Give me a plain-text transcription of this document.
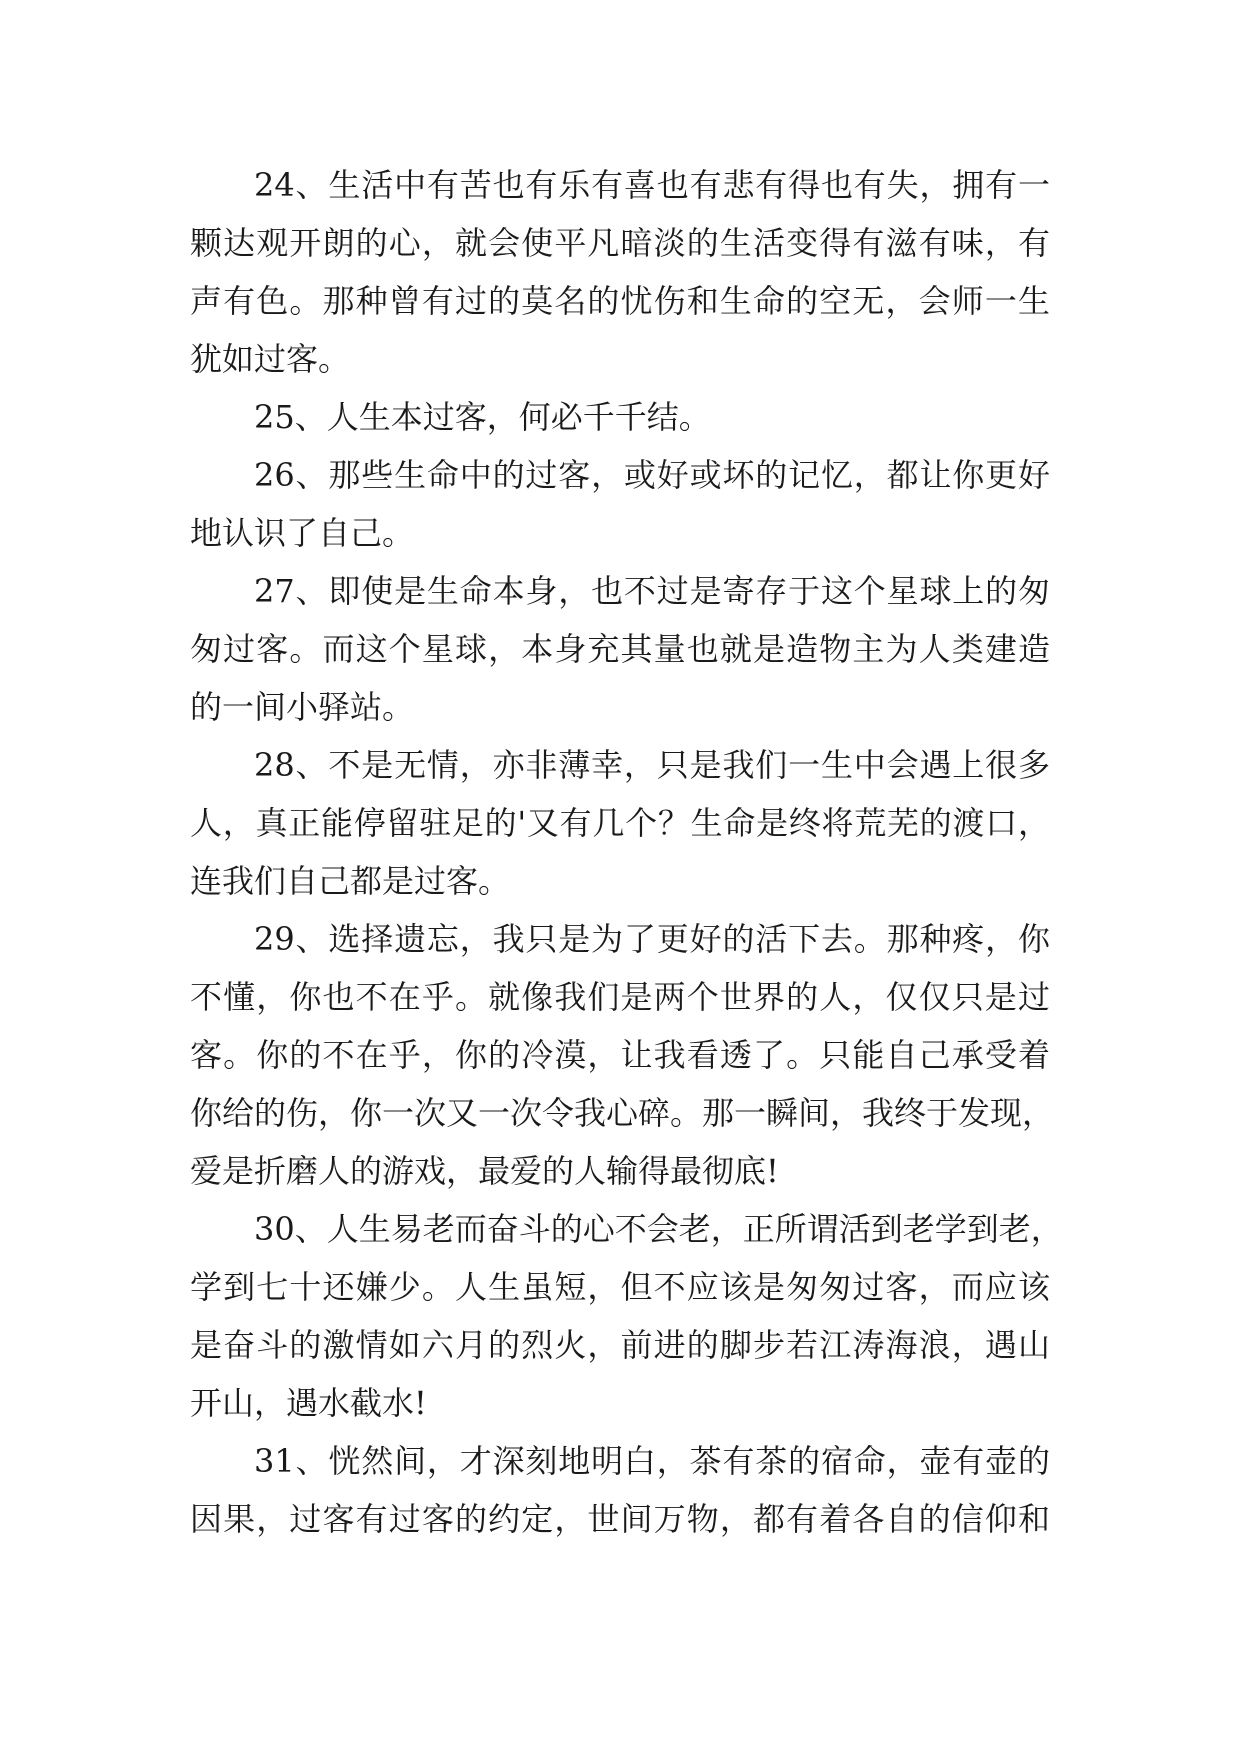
24、生活中有苦也有乐有喜也有悲有得也有失，拥有一
颗达观开朗的心，就会使平凡暗淡的生活变得有滋有味，有
声有色。那种曾有过的莫名的忧伤和生命的空无，会师一生
犹如过客。
25、人生本过客，何必千千结。
26、那些生命中的过客，或好或坏的记忆，都让你更好
地认识了自己。
27、即使是生命本身，也不过是寄存于这个星球上的匆
匆过客。而这个星球，本身充其量也就是造物主为人类建造
的一间小驿站。
28、不是无情，亦非薄幸，只是我们一生中会遇上很多
人，真正能停留驻足的'又有几个？生命是终将荒芜的渡口，
连我们自己都是过客。
29、选择遗忘，我只是为了更好的活下去。那种疼，你
不懂，你也不在乎。就像我们是两个世界的人，仅仅只是过
客。你的不在乎，你的冷漠，让我看透了。只能自己承受着
你给的伤，你一次又一次令我心碎。那一瞬间，我终于发现，
爱是折磨人的游戏，最爱的人输得最彻底!
30、人生易老而奋斗的心不会老，正所谓活到老学到老，
学到七十还嫌少。人生虽短，但不应该是匆匆过客，而应该
是奋斗的激情如六月的烈火，前进的脚步若江涛海浪，遇山
开山，遇水截水!
31、恍然间，才深刻地明白，茶有茶的宿命，壶有壶的
因果，过客有过客的约定，世间万物，都有着各自的信仰和
